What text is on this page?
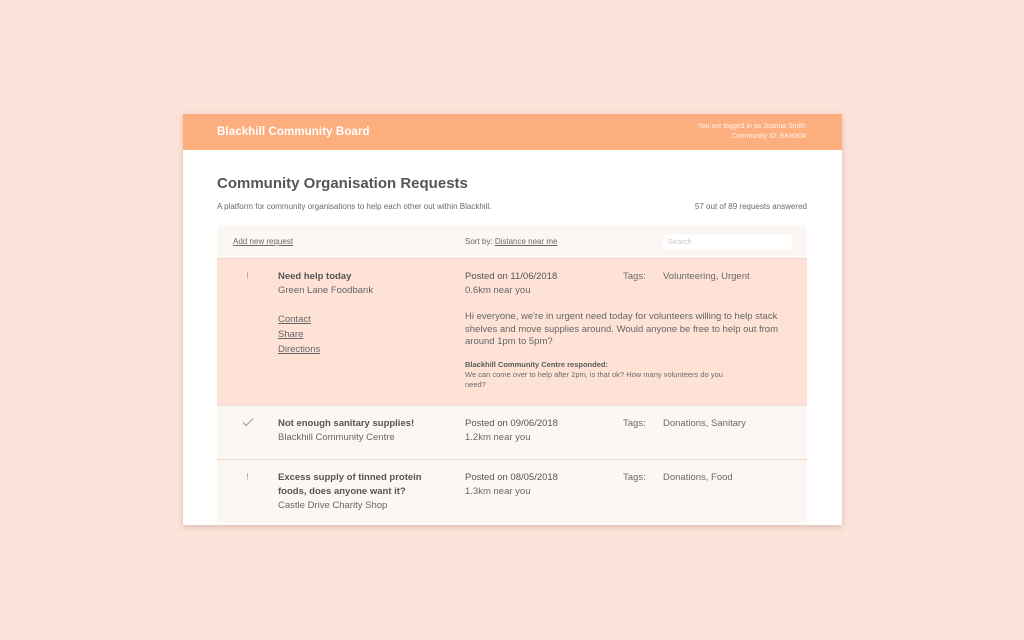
Blackhill Community Board	You are logged in as Joanna Smith
Community ID: BKH304
Community Organisation Requests
A platform for community organisations to help each other out within Blackhill.	57 out of 89 requests answered
Add new request	Sort by: Distance near me
Search
!	Need help today
Green Lane Foodbank
Contact
Share
Directions
Posted on 11/06/2018
0.6km near you
Tags:	Volunteering, Urgent
Hi everyone, we're in urgent need today for volunteers willing to help stack shelves and move supplies around. Would anyone be free to help out from around 1pm to 5pm?
Blackhill Community Centre responded:
We can come over to help after 2pm, is that ok? How many volunteers do you need?
Not enough sanitary supplies!
Blackhill Community Centre
Posted on 09/06/2018
1.2km near you
Tags:	Donations, Sanitary
!	Excess supply of tinned protein foods, does anyone want it?
Castle Drive Charity Shop
Posted on 08/05/2018
1.3km near you
Tags:	Donations, Food
